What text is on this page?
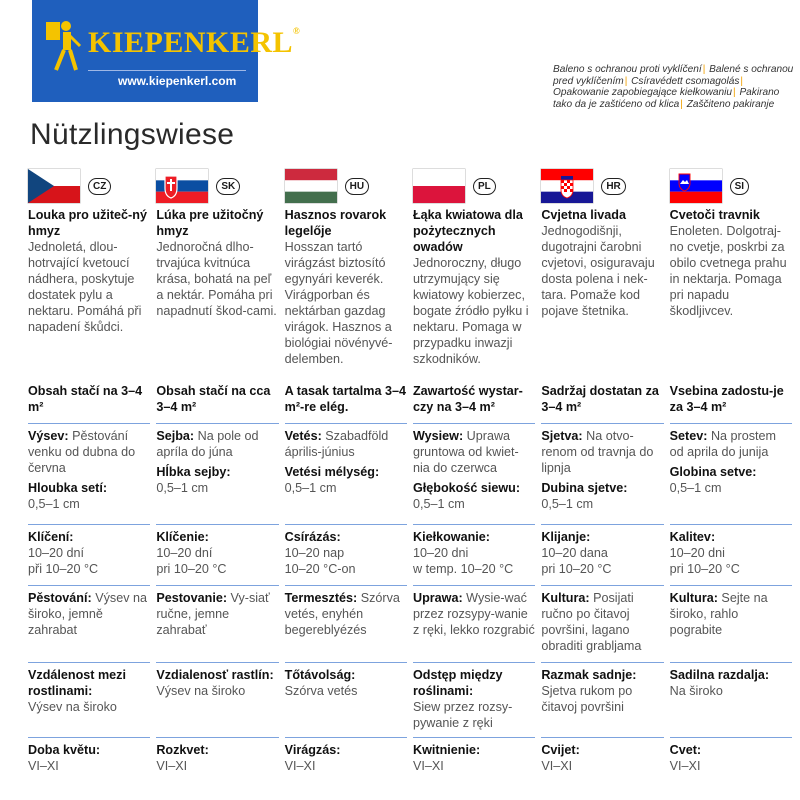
KIEPENKERL®
www.kiepenkerl.com
Baleno s ochranou proti vyklíčení| Balené s ochranou pred vyklíčením| Csíravédett csomagolás| Opakowanie zapobiegające kiełkowaniu| Pakirano tako da je zaštićeno od klica| Zaščiteno pakiranje
Nützlingswiese
CZ
Louka pro užiteč-ný hmyz
Jednoletá, dlou-hotrvající kvetoucí nádhera, poskytuje dostatek pylu a nektaru. Pomáhá při napadení škůdci.
Obsah stačí na 3–4 m²
Výsev: Pěstování venku od dubna do června
Hloubka setí:
0,5–1 cm
Klíčení:
10–20 dní
při 10–20 °C
Pěstování: Výsev na široko, jemně zahrabat
Vzdálenost mezi rostlinami:
Výsev na široko
Doba květu:
VI–XI
SK
Lúka pre užitočný hmyz
Jednoročná dlho-trvajúca kvitnúca krása, bohatá na peľ a nektár. Pomáha pri napadnutí škod-cami.
Obsah stačí na cca 3–4 m²
Sejba: Na pole od apríla do júna
Hĺbka sejby:
0,5–1 cm
Klíčenie:
10–20 dní
pri 10–20 °C
Pestovanie: Vy-siať ručne, jemne zahrabať
Vzdialenosť rastlín:
Výsev na široko
Rozkvet:
VI–XI
HU
Hasznos rovarok legelője
Hosszan tartó virágzást biztosító egynyári keverék. Virágporban és nektárban gazdag virágok. Hasznos a biológiai növényvé-delemben.
A tasak tartalma 3–4 m²-re elég.
Vetés: Szabadföld április-június
Vetési mélység:
0,5–1 cm
Csírázás:
10–20 nap
10–20 °C-on
Termesztés: Szórva vetés, enyhén begereblyézés
Tőtávolság:
Szórva vetés
Virágzás:
VI–XI
PL
Łąka kwiatowa dla pożytecznych owadów
Jednoroczny, długo utrzymujący się kwiatowy kobierzec, bogate źródło pyłku i nektaru. Pomaga w przypadku inwazji szkodników.
Zawartość wystar-czy na 3–4 m²
Wysiew: Uprawa gruntowa od kwiet-nia do czerwca
Głębokość siewu:
0,5–1 cm
Kiełkowanie:
10–20 dni
w temp. 10–20 °C
Uprawa: Wysie-wać przez rozsypy-wanie z ręki, lekko rozgrabić
Odstęp między roślinami:
Siew przez rozsy-pywanie z ręki
Kwitnienie:
VI–XI
HR
Cvjetna livada
Jednogodišnji, dugotrajni čarobni cvjetovi, osiguravaju dosta polena i nek-tara. Pomaže kod pojave štetnika.
Sadržaj dostatan za 3–4 m²
Sjetva: Na otvo-renom od travnja do lipnja
Dubina sjetve:
0,5–1 cm
Klijanje:
10–20 dana
pri 10–20 °C
Kultura: Posijati ručno po čitavoj površini, lagano obraditi grabljama
Razmak sadnje:
Sjetva rukom po čitavoj površini
Cvijet:
VI–XI
SI
Cvetoči travnik
Enoleten. Dolgotraj-no cvetje, poskrbi za obilo cvetnega prahu in nektarja. Pomaga pri napadu škodljivcev.
Vsebina zadostu-je za 3–4 m²
Setev: Na prostem od aprila do junija
Globina setve:
0,5–1 cm
Kalitev:
10–20 dni
pri 10–20 °C
Kultura: Sejte na široko, rahlo pograbite
Sadilna razdalja:
Na široko
Cvet:
VI–XI
